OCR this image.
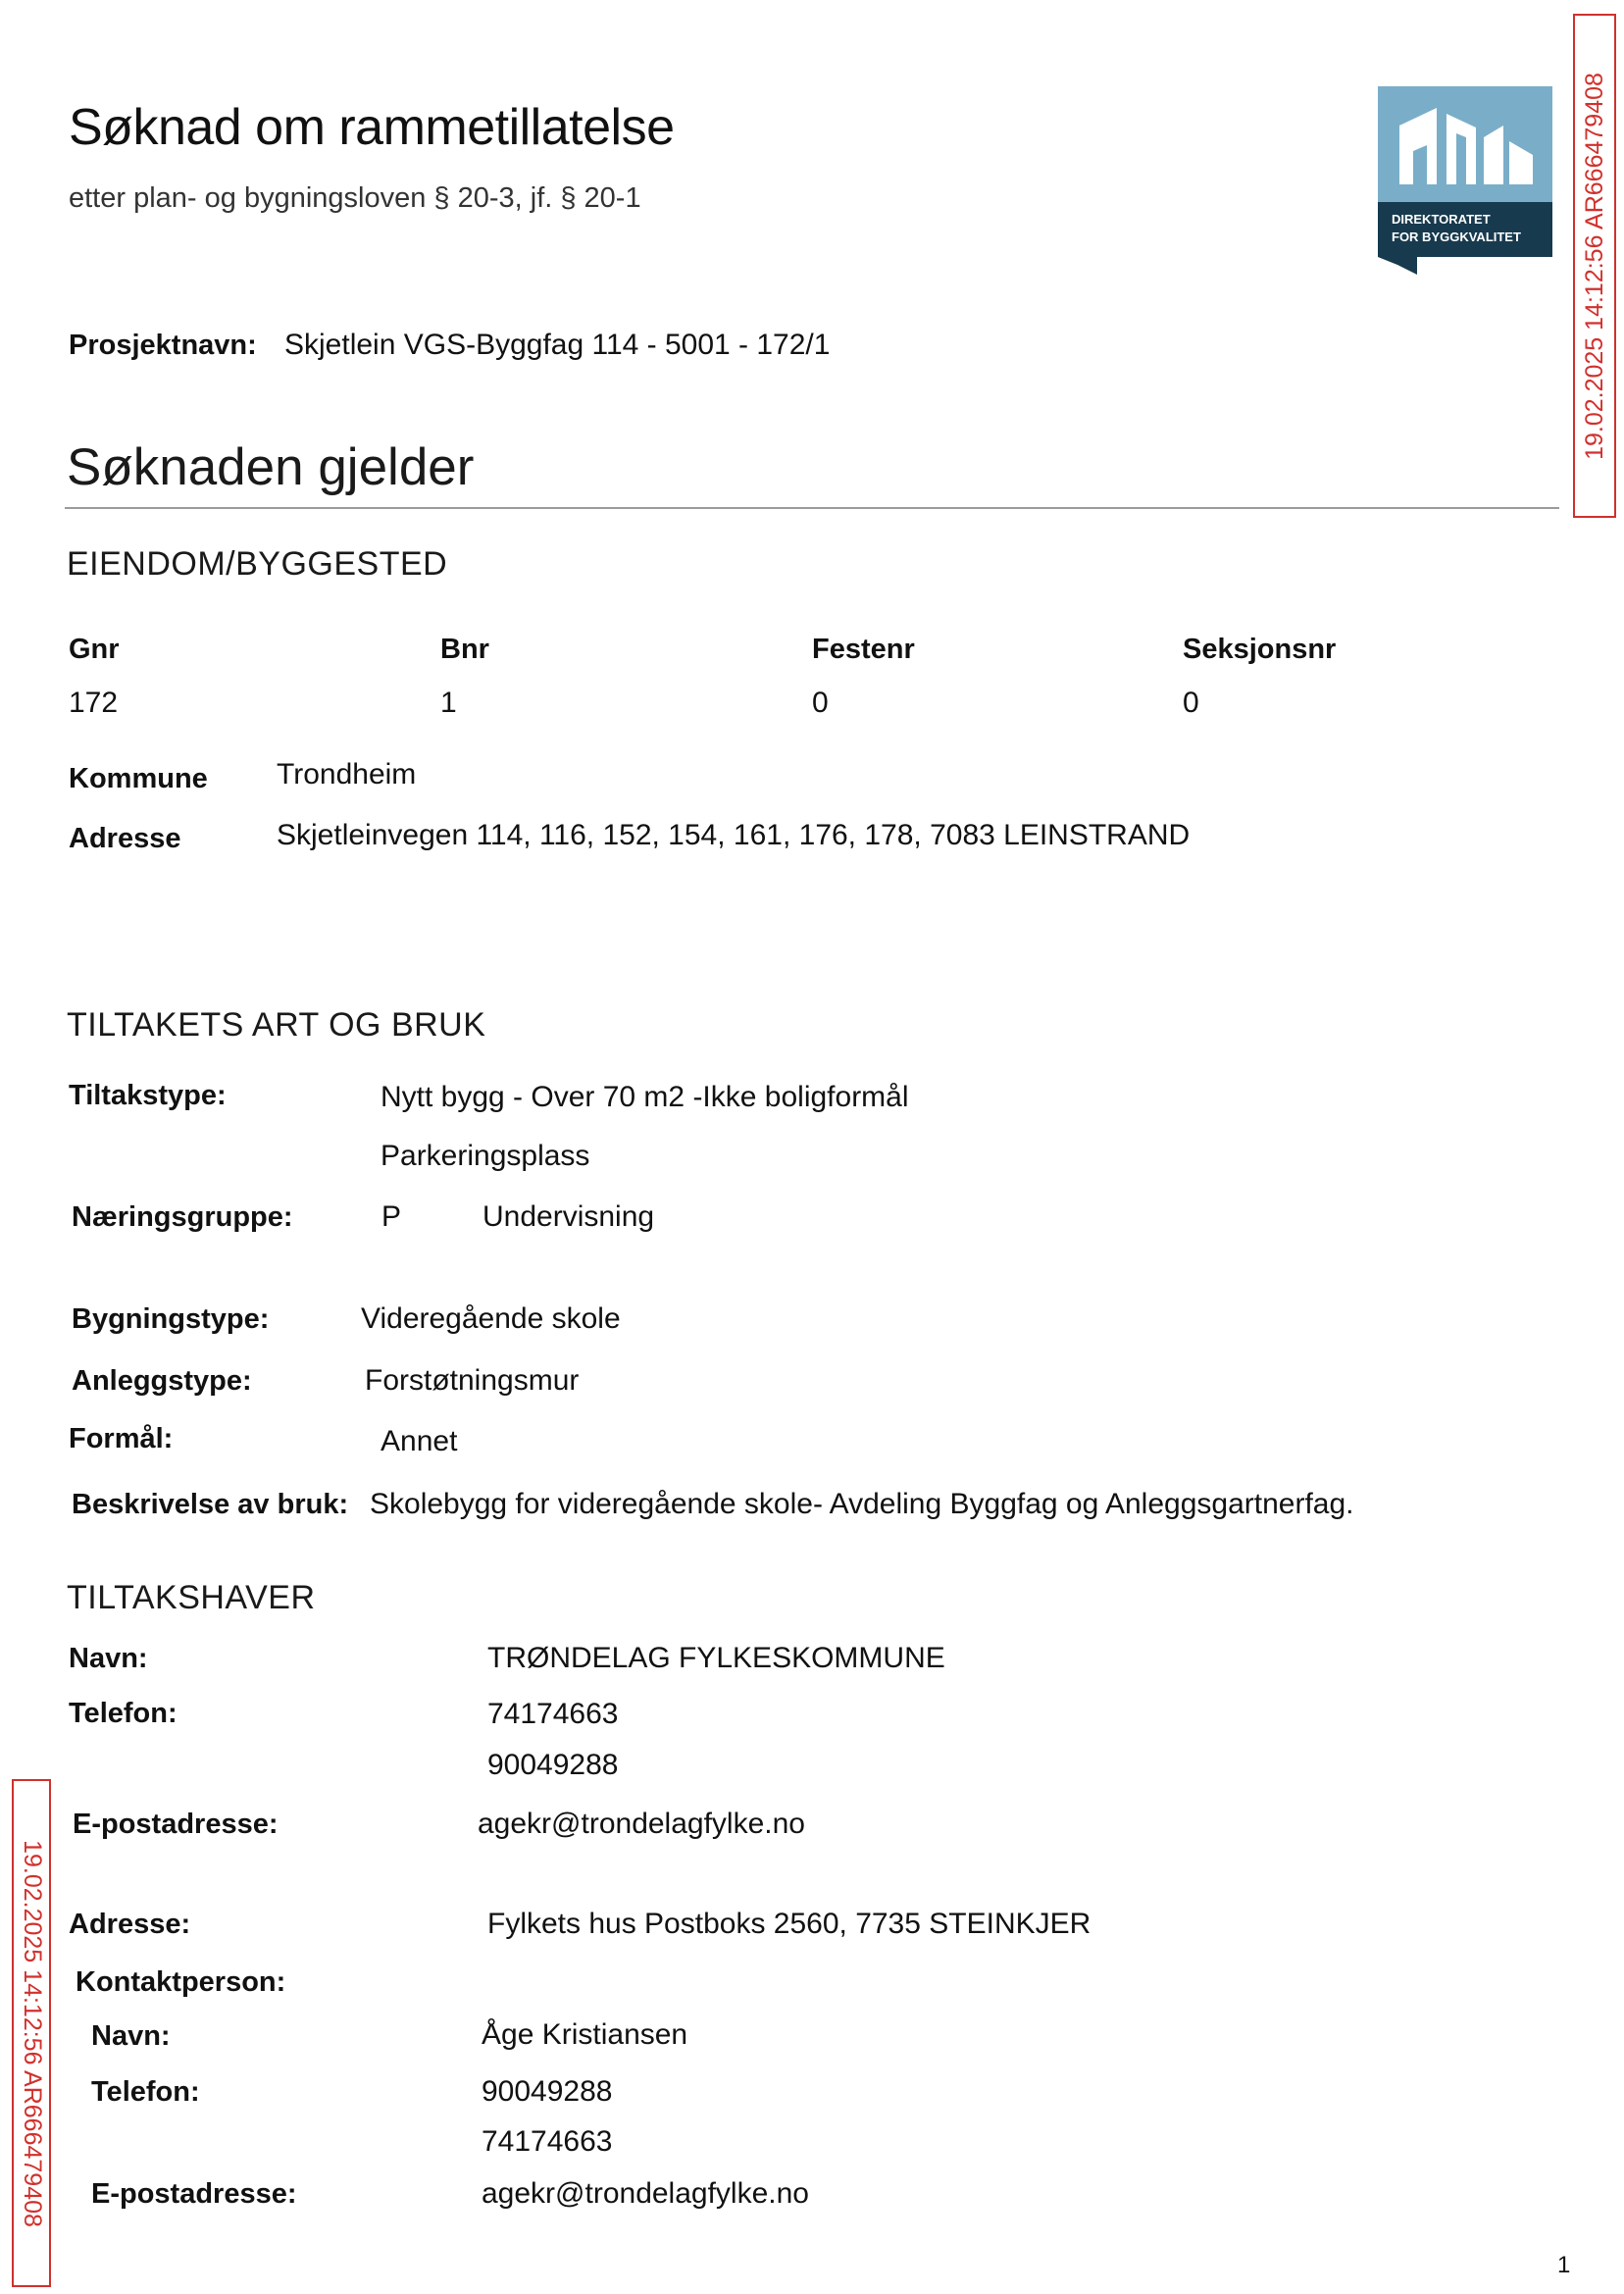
Søknad om rammetillatelse
etter plan- og bygningsloven § 20-3, jf. § 20-1
DIREKTORATET
FOR BYGGKVALITET 19.02.2025 14:12:56 AR666479408
19.02.2025 14:12:56 AR666479408
Prosjektnavn: Skjetlein VGS-Byggfag 114 - 5001 - 172/1
Søknaden gjelder
EIENDOM/BYGGESTED
Gnr	Bnr	Festenr	Seksjonsnr
172	1	0	0
Kommune Trondheim
Adresse	Skjetleinvegen 114, 116, 152, 154, 161, 176, 178, 7083 LEINSTRAND
TILTAKETS ART OG BRUK
Tiltakstype:	Nytt bygg - Over 70 m2 -Ikke boligformål
Parkeringsplass
Næringsgruppe:	P	Undervisning
Bygningstype:	Videregående skole
Anleggstype:	Forstøtningsmur
Formål:	Annet
Beskrivelse av bruk: Skolebygg for videregående skole- Avdeling Byggfag og Anleggsgartnerfag.
TILTAKSHAVER
Navn:	TRØNDELAG FYLKESKOMMUNE
Telefon:	74174663
90049288
E-postadresse:	agekr@trondelagfylke.no
Adresse:	Fylkets hus Postboks 2560, 7735 STEINKJER
Kontaktperson:
Navn:	Åge Kristiansen
Telefon:	90049288
74174663
E-postadresse:	agekr@trondelagfylke.no
1
